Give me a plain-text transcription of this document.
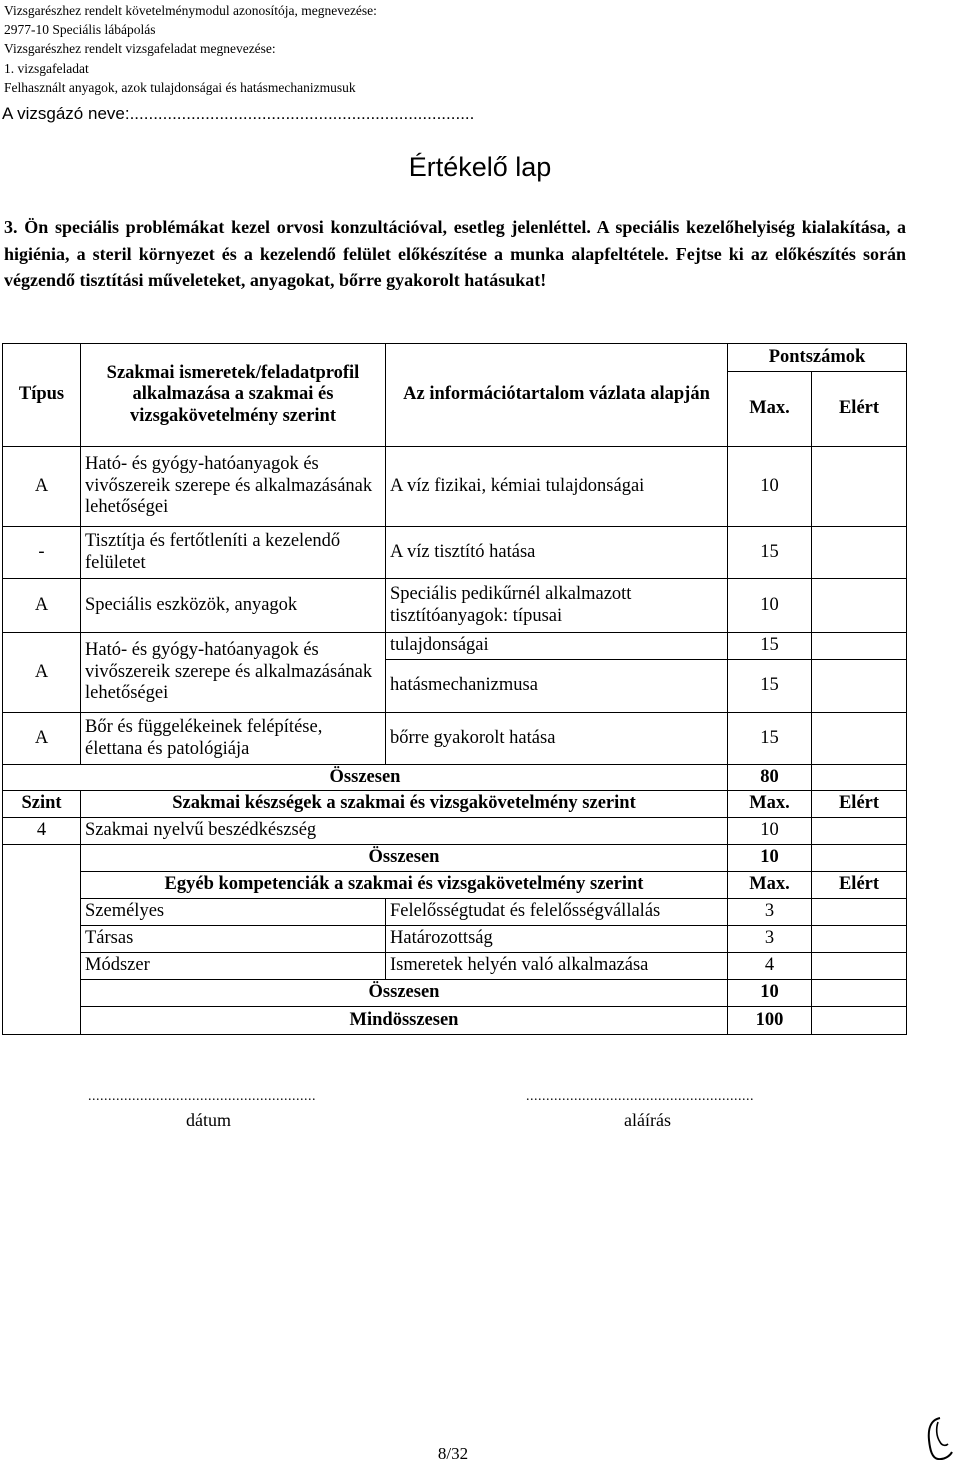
Vizsgarészhez rendelt követelménymodul azonosítója, megnevezése:
2977-10 Speciális lábápolás
Vizsgarészhez rendelt vizsgafeladat megnevezése:
1. vizsgafeladat
Felhasznált anyagok, azok tulajdonságai és hatásmechanizmusuk
A vizsgázó neve:.........................................................................
Értékelő lap
3. Ön speciális problémákat kezel orvosi konzultációval, esetleg jelenléttel. A speciális kezelőhelyiség kialakítása, a higiénia, a steril környezet és a kezelendő felület előkészítése a munka alapfeltétele. Fejtse ki az előkészítés során végzendő tisztítási műveleteket, anyagokat, bőrre gyakorolt hatásukat!
Típus	Szakmai ismeretek/feladatprofil alkalmazása a szakmai és vizsgakövetelmény szerint	Az információtartalom vázlata alapján	Pontszámok	
			Max.	Elért
A	Ható- és gyógy-hatóanyagok és vivőszereik szerepe és alkalmazásának lehetőségei	A víz fizikai, kémiai tulajdonságai	10	
-	Tisztítja és fertőtleníti a kezelendő felületet	A víz tisztító hatása	15	
A	Speciális eszközök, anyagok	Speciális pedikűrnél alkalmazott tisztítóanyagok: típusai	10	
A	Ható- és gyógy-hatóanyagok és vivőszereik szerepe és alkalmazásának lehetőségei	tulajdonságai	15	
		hatásmechanizmusa	15	
A	Bőr és függelékeinek felépítése, élettana és patológiája	bőrre gyakorolt hatása	15	
Összesen			80	
Szint	Szakmai készségek a szakmai és vizsgakövetelmény szerint		Max.	Elért
4	Szakmai nyelvű beszédkészség		10	
	Összesen		10	
	Egyéb kompetenciák a szakmai és vizsgakövetelmény szerint		Max.	Elért
	Személyes	Felelősségtudat és felelősségvállalás	3	
	Társas	Határozottság	3	
	Módszer	Ismeretek helyén való alkalmazása	4	
	Összesen		10	
	Mindösszesen		100	
.........................................................
dátum
.........................................................
aláírás
8/32
